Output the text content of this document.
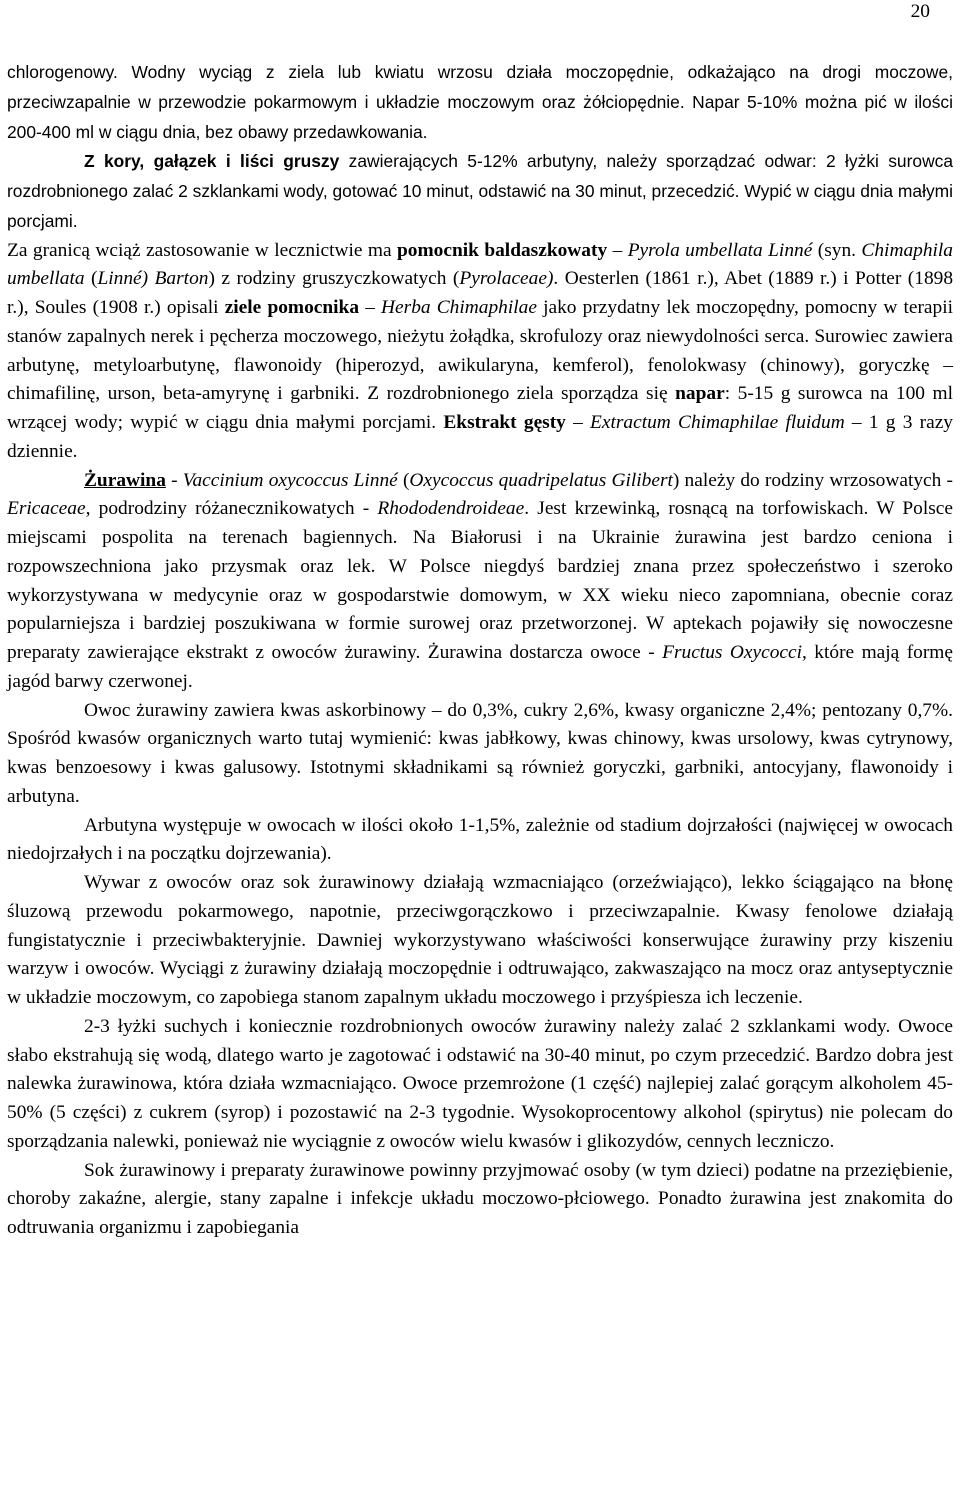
20

chlorogenowy. Wodny wyciąg z ziela lub kwiatu wrzosu działa moczopędnie, odkażająco na drogi moczowe, przeciwzapalnie w przewodzie pokarmowym i układzie moczowym oraz żółciopędnie. Napar 5-10% można pić w ilości 200-400 ml w ciągu dnia, bez obawy przedawkowania.

Z kory, gałązek i liści gruszy zawierających 5-12% arbutyny, należy sporządzać odwar: 2 łyżki surowca rozdrobnionego zalać 2 szklankami wody, gotować 10 minut, odstawić na 30 minut, przecedzić. Wypić w ciągu dnia małymi porcjami.

Za granicą wciąż zastosowanie w lecznictwie ma pomocnik baldaszkowaty – Pyrola umbellata Linné (syn. Chimaphila umbellata (Linné) Barton) z rodziny gruszyczkowatych (Pyrolaceae). Oesterlen (1861 r.), Abet (1889 r.) i Potter (1898 r.), Soules (1908 r.) opisali ziele pomocnika – Herba Chimaphilae jako przydatny lek moczopędny, pomocny w terapii stanów zapalnych nerek i pęcherza moczowego, nieżytu żołądka, skrofulozy oraz niewydolności serca. Surowiec zawiera arbutynę, metyloarbutynę, flawonoidy (hiperozyd, awikularyna, kemferol), fenolokwasy (chinowy), goryczkę – chimafilinę, urson, beta-amyrynę i garbniki. Z rozdrobnionego ziela sporządza się napar: 5-15 g surowca na 100 ml wrzącej wody; wypić w ciągu dnia małymi porcjami. Ekstrakt gęsty – Extractum Chimaphilae fluidum – 1 g 3 razy dziennie.

Żurawina - Vaccinium oxycoccus Linné (Oxycoccus quadripelatus Gilibert) należy do rodziny wrzosowatych - Ericaceae, podrodziny różanecznikowatych - Rhododendroideae. Jest krzewinką, rosnącą na torfowiskach. W Polsce miejscami pospolita na terenach bagiennych. Na Białorusi i na Ukrainie żurawina jest bardzo ceniona i rozpowszechniona jako przysmak oraz lek. W Polsce niegdyś bardziej znana przez społeczeństwo i szeroko wykorzystywana w medycynie oraz w gospodarstwie domowym, w XX wieku nieco zapomniana, obecnie coraz popularniejsza i bardziej poszukiwana w formie surowej oraz przetworzonej. W aptekach pojawiły się nowoczesne preparaty zawierające ekstrakt z owoców żurawiny. Żurawina dostarcza owoce - Fructus Oxycocci, które mają formę jagód barwy czerwonej.

Owoc żurawiny zawiera kwas askorbinowy – do 0,3%, cukry 2,6%, kwasy organiczne 2,4%; pentozany 0,7%. Spośród kwasów organicznych warto tutaj wymienić: kwas jabłkowy, kwas chinowy, kwas ursolowy, kwas cytrynowy, kwas benzoesowy i kwas galusowy. Istotnymi składnikami są również goryczki, garbniki, antocyjany, flawonoidy i arbutyna.

Arbutyna występuje w owocach w ilości około 1-1,5%, zależnie od stadium dojrzałości (najwięcej w owocach niedojrzałych i na początku dojrzewania).

Wywar z owoców oraz sok żurawinowy działają wzmacniająco (orzeźwiająco), lekko ściągająco na błonę śluzową przewodu pokarmowego, napotnie, przeciwgorączkowo i przeciwzapalnie. Kwasy fenolowe działają fungistatycznie i przeciwbakteryjnie. Dawniej wykorzystywano właściwości konserwujące żurawiny przy kiszeniu warzyw i owoców. Wyciągi z żurawiny działają moczopędnie i odtruwająco, zakwaszająco na mocz oraz antyseptycznie w układzie moczowym, co zapobiega stanom zapalnym układu moczowego i przyśpiesza ich leczenie.

2-3 łyżki suchych i koniecznie rozdrobnionych owoców żurawiny należy zalać 2 szklankami wody. Owoce słabo ekstrahują się wodą, dlatego warto je zagotować i odstawić na 30-40 minut, po czym przecedzić. Bardzo dobra jest nalewka żurawinowa, która działa wzmacniająco. Owoce przemrożone (1 część) najlepiej zalać gorącym alkoholem 45-50% (5 części) z cukrem (syrop) i pozostawić na 2-3 tygodnie. Wysokoprocentowy alkohol (spirytus) nie polecam do sporządzania nalewki, ponieważ nie wyciągnie z owoców wielu kwasów i glikozydów, cennych leczniczo.

Sok żurawinowy i preparaty żurawinowe powinny przyjmować osoby (w tym dzieci) podatne na przeziębienie, choroby zakaźne, alergie, stany zapalne i infekcje układu moczowo-płciowego. Ponadto żurawina jest znakomita do odtruwania organizmu i zapobiegania
